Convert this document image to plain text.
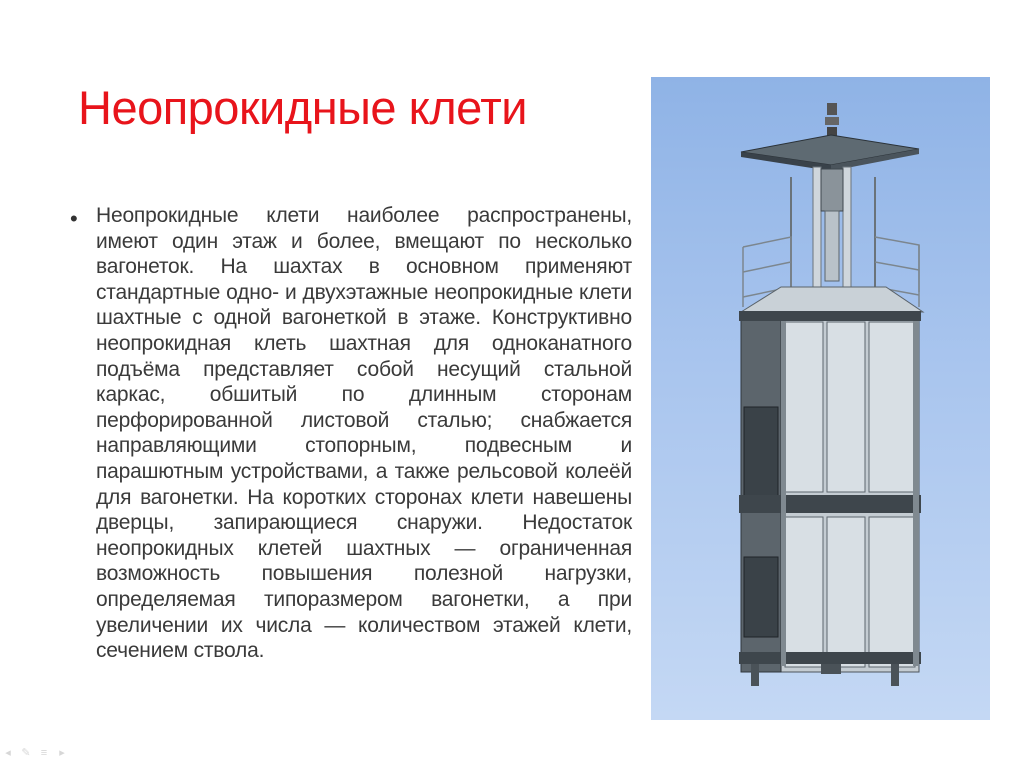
Неопрокидные клети
• Неопрокидные клети наиболее распространены, имеют один этаж и более, вмещают по несколько вагонеток. На шахтах в основном применяют стандартные одно- и двухэтажные неопрокидные клети шахтные с одной вагонеткой в этаже. Конструктивно неопрокидная клеть шахтная для одноканатного подъёма представляет собой несущий стальной каркас, обшитый по длинным сторонам перфорированной листовой сталью; снабжается направляющими стопорным, подвесным и парашютным устройствами, а также рельсовой колеёй для вагонетки. На коротких сторонах клети навешены дверцы, запирающиеся снаружи. Недостаток неопрокидных клетей шахтных — ограниченная возможность повышения полезной нагрузки, определяемая типоразмером вагонетки, а при увеличении их числа — количеством этажей клети, сечением ствола.

◂ ✎ ≡ ▸
